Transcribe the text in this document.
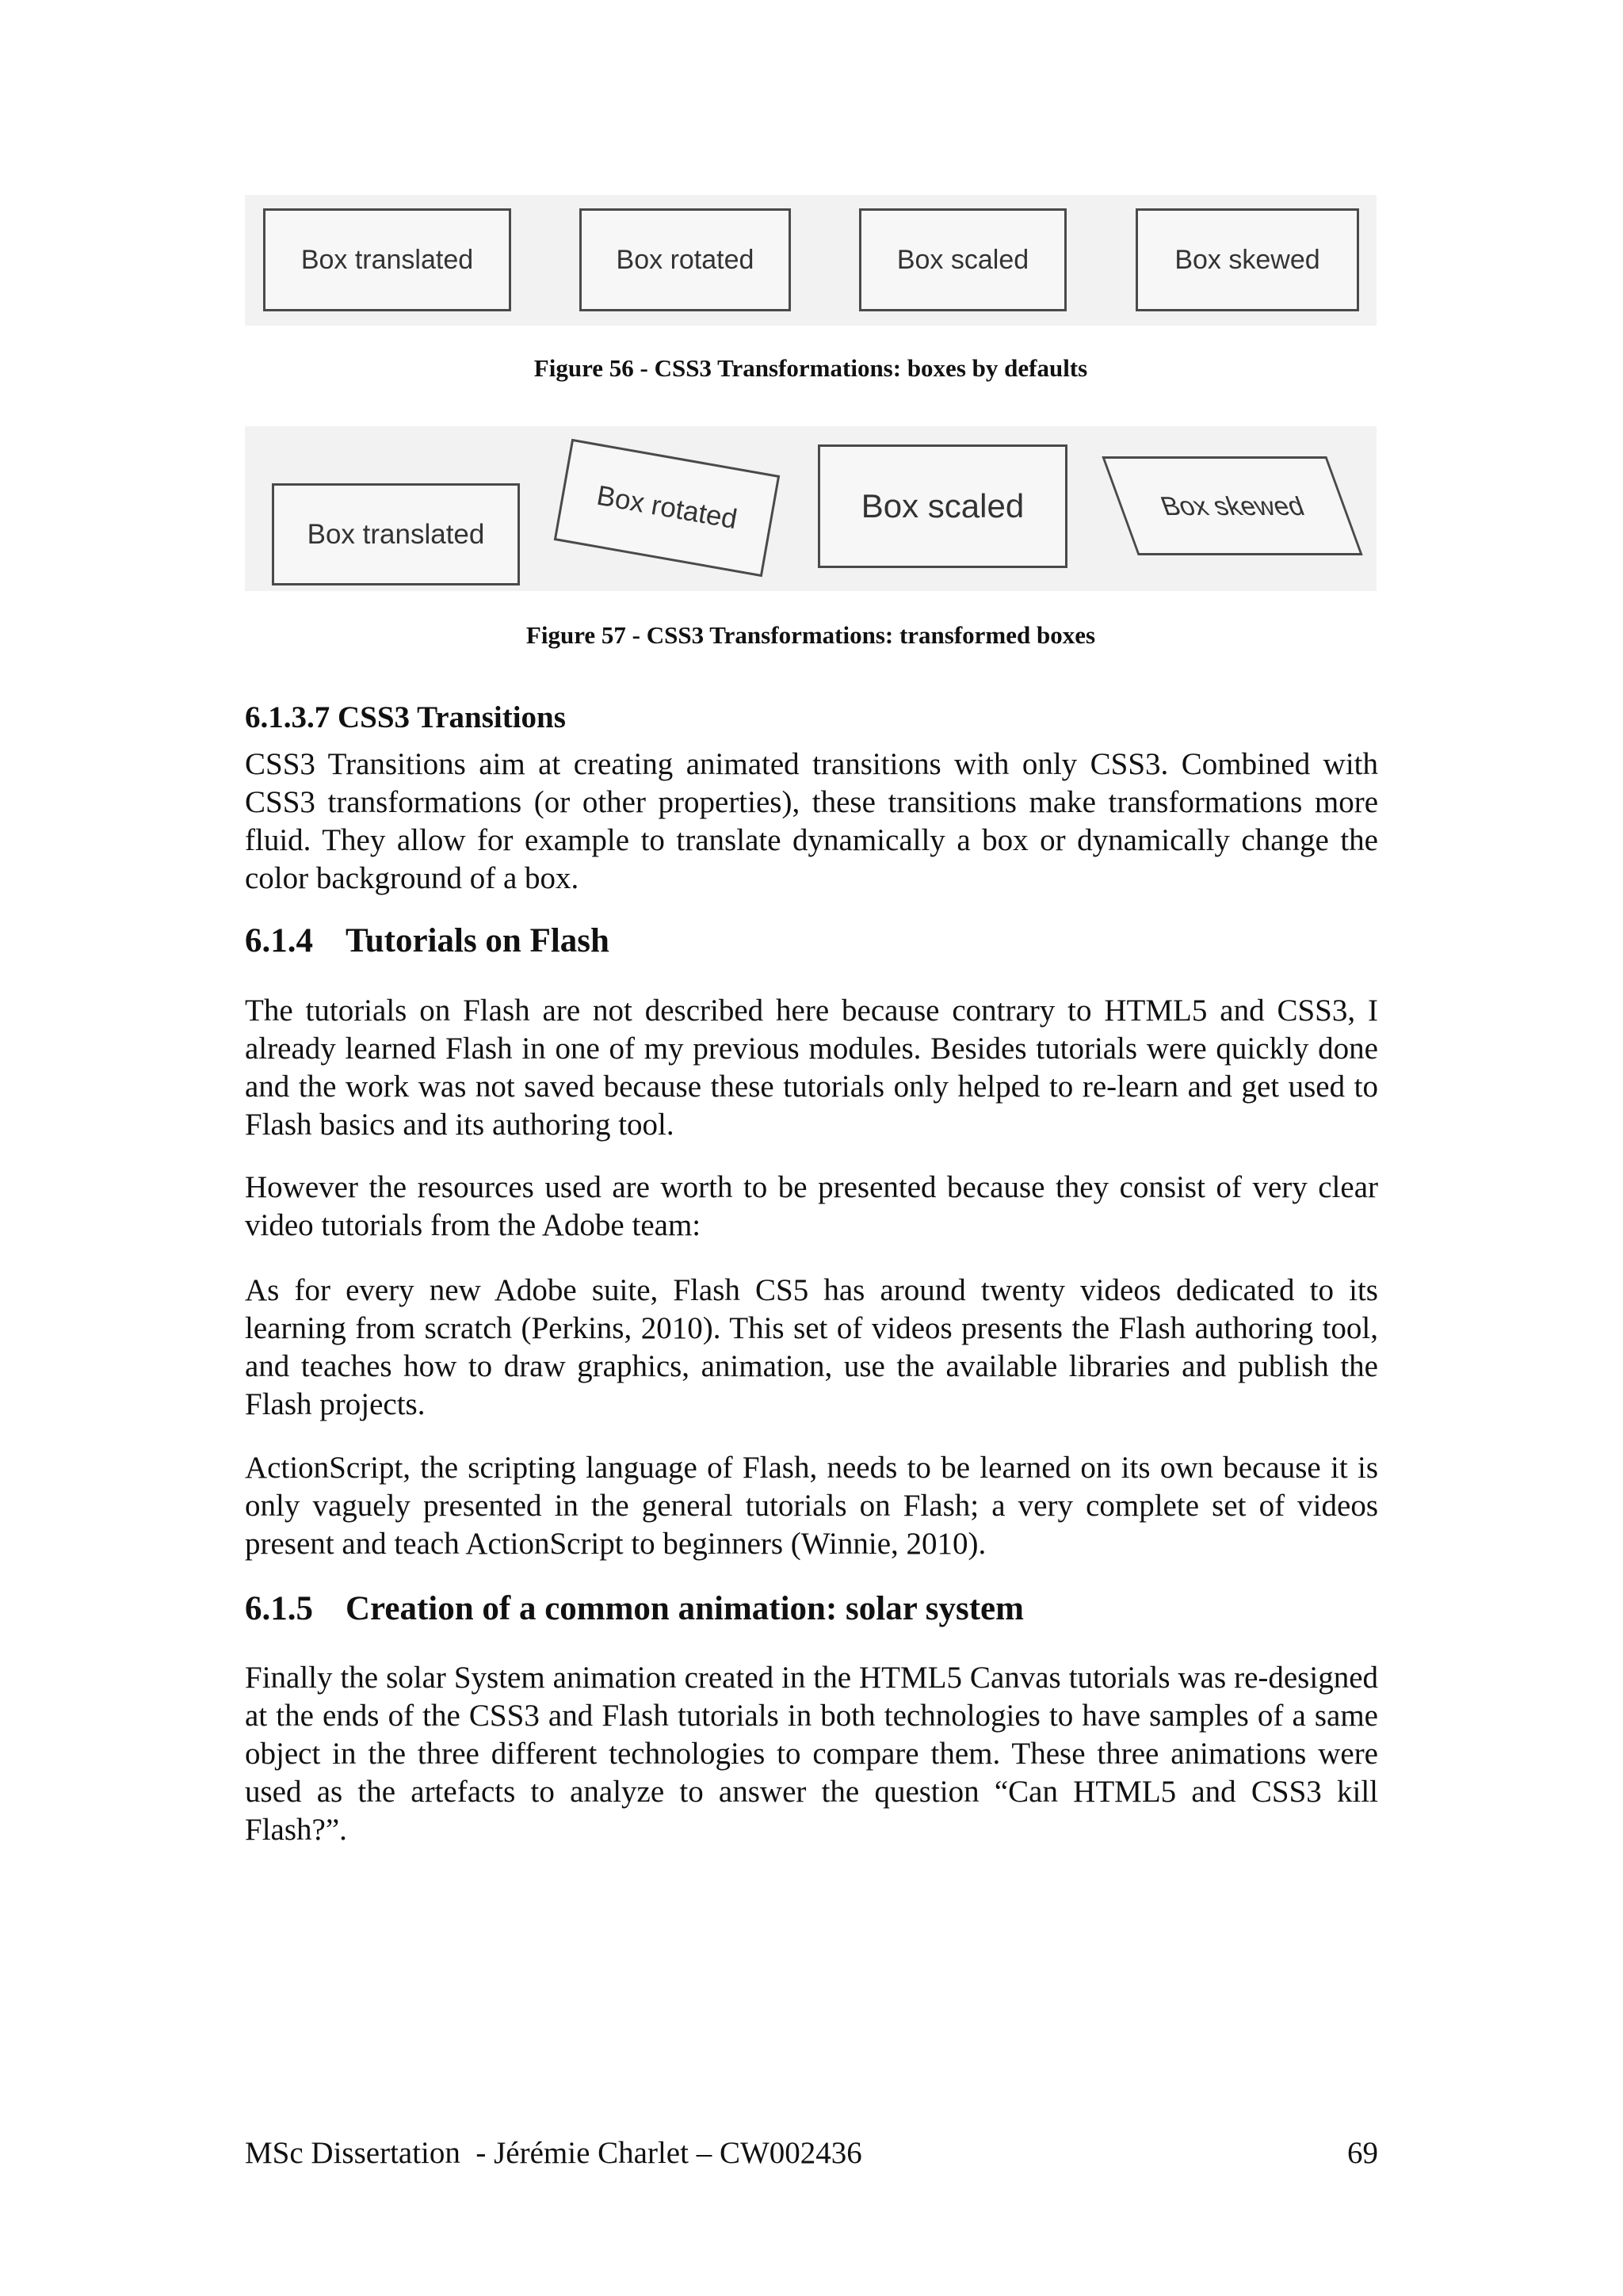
Box translated	Box rotated	Box scaled	Box skewed
Figure 56 - CSS3 Transformations: boxes by defaults
Box translated	Box rotated	Box scaled	Box skewed
Figure 57 - CSS3 Transformations: transformed boxes
6.1.3.7 CSS3 Transitions

CSS3 Transitions aim at creating animated transitions with only CSS3. Combined with CSS3 transformations (or other properties), these transitions make transformations more fluid. They allow for example to translate dynamically a box or dynamically change the color background of a box.

6.1.4 Tutorials on Flash

The tutorials on Flash are not described here because contrary to HTML5 and CSS3, I already learned Flash in one of my previous modules. Besides tutorials were quickly done and the work was not saved because these tutorials only helped to re-learn and get used to Flash basics and its authoring tool.

However the resources used are worth to be presented because they consist of very clear video tutorials from the Adobe team:

As for every new Adobe suite, Flash CS5 has around twenty videos dedicated to its learning from scratch (Perkins, 2010). This set of videos presents the Flash authoring tool, and teaches how to draw graphics, animation, use the available libraries and publish the Flash projects.

ActionScript, the scripting language of Flash, needs to be learned on its own because it is only vaguely presented in the general tutorials on Flash; a very complete set of videos present and teach ActionScript to beginners (Winnie, 2010).

6.1.5 Creation of a common animation: solar system

Finally the solar System animation created in the HTML5 Canvas tutorials was re-designed at the ends of the CSS3 and Flash tutorials in both technologies to have samples of a same object in the three different technologies to compare them. These three animations were used as the artefacts to analyze to answer the question “Can HTML5 and CSS3 kill Flash?”.

MSc Dissertation  - Jérémie Charlet – CW002436	69
